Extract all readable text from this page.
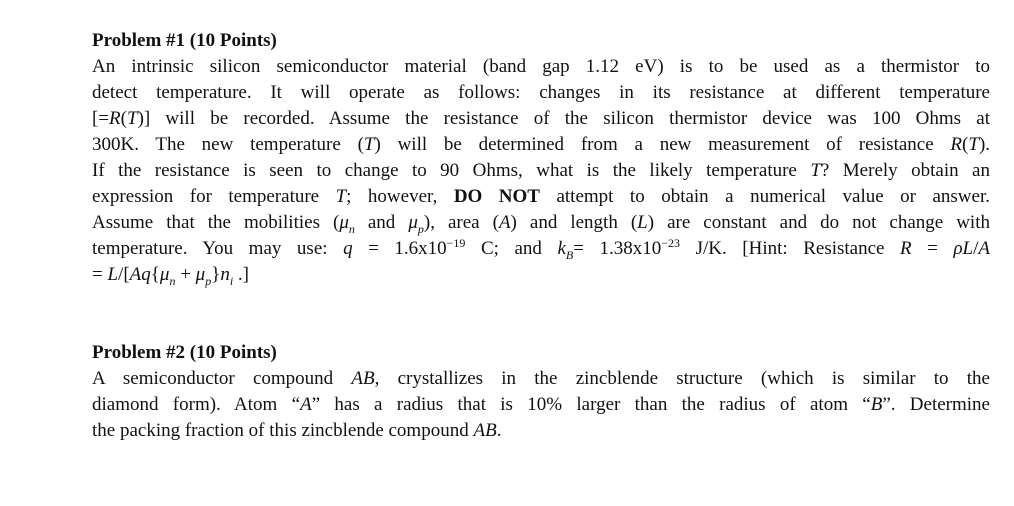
Problem #1 (10 Points)
An intrinsic silicon semiconductor material (band gap 1.12 eV) is to be used as a thermistor to
detect temperature. It will operate as follows: changes in its resistance at different temperature
[=R(T)] will be recorded. Assume the resistance of the silicon thermistor device was 100 Ohms at
300K. The new temperature (T) will be determined from a new measurement of resistance R(T).
If the resistance is seen to change to 90 Ohms, what is the likely temperature T? Merely obtain an
expression for temperature T; however, DO NOT attempt to obtain a numerical value or answer.
Assume that the mobilities ($\mu_n$ and $\mu_p$), area (A) and length (L) are constant and do not change with
temperature. You may use: $q = 1.6x10^{-19}$ C; and $k_B= 1.38x10^{-23}$ J/K. [Hint: Resistance R = ρL/A
= $L/[Aq\{\mu_n + \mu_p\}n_i$ .]
Problem #2 (10 Points)
A semiconductor compound AB, crystallizes in the zincblende structure (which is similar to the
diamond form). Atom “A” has a radius that is 10% larger than the radius of atom “B”. Determine
the packing fraction of this zincblende compound AB.
